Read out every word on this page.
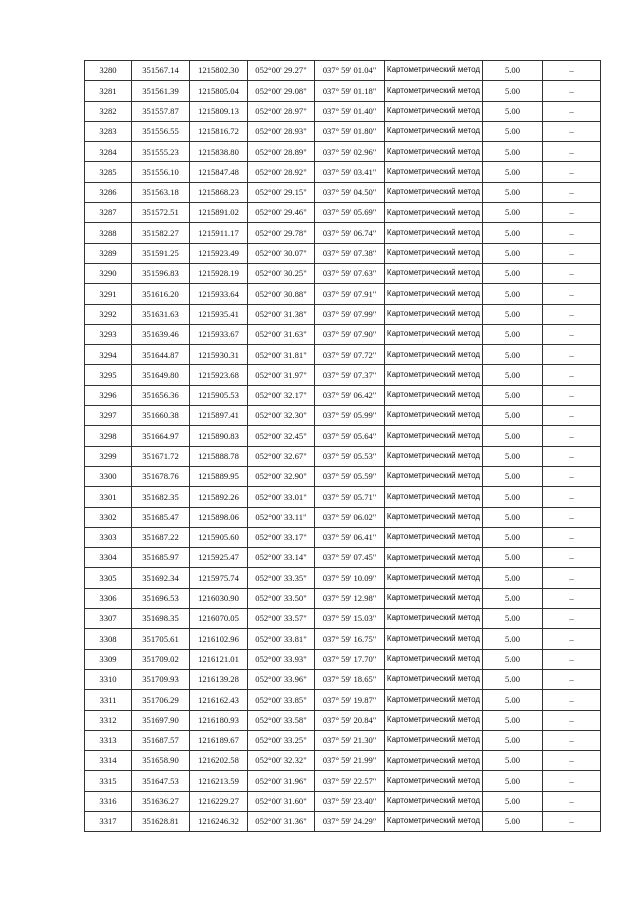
3280	351567.14	1215802.30	052°00' 29.27"	037° 59' 01.04"	Картометрический метод	5.00	–
3281	351561.39	1215805.04	052°00' 29.08"	037° 59' 01.18"	Картометрический метод	5.00	–
3282	351557.87	1215809.13	052°00' 28.97"	037° 59' 01.40"	Картометрический метод	5.00	–
3283	351556.55	1215816.72	052°00' 28.93"	037° 59' 01.80"	Картометрический метод	5.00	–
3284	351555.23	1215838.80	052°00' 28.89"	037° 59' 02.96"	Картометрический метод	5.00	–
3285	351556.10	1215847.48	052°00' 28.92"	037° 59' 03.41"	Картометрический метод	5.00	–
3286	351563.18	1215868.23	052°00' 29.15"	037° 59' 04.50"	Картометрический метод	5.00	–
3287	351572.51	1215891.02	052°00' 29.46"	037° 59' 05.69"	Картометрический метод	5.00	–
3288	351582.27	1215911.17	052°00' 29.78"	037° 59' 06.74"	Картометрический метод	5.00	–
3289	351591.25	1215923.49	052°00' 30.07"	037° 59' 07.38"	Картометрический метод	5.00	–
3290	351596.83	1215928.19	052°00' 30.25"	037° 59' 07.63"	Картометрический метод	5.00	–
3291	351616.20	1215933.64	052°00' 30.88"	037° 59' 07.91"	Картометрический метод	5.00	–
3292	351631.63	1215935.41	052°00' 31.38"	037° 59' 07.99"	Картометрический метод	5.00	–
3293	351639.46	1215933.67	052°00' 31.63"	037° 59' 07.90"	Картометрический метод	5.00	–
3294	351644.87	1215930.31	052°00' 31.81"	037° 59' 07.72"	Картометрический метод	5.00	–
3295	351649.80	1215923.68	052°00' 31.97"	037° 59' 07.37"	Картометрический метод	5.00	–
3296	351656.36	1215905.53	052°00' 32.17"	037° 59' 06.42"	Картометрический метод	5.00	–
3297	351660.38	1215897.41	052°00' 32.30"	037° 59' 05.99"	Картометрический метод	5.00	–
3298	351664.97	1215890.83	052°00' 32.45"	037° 59' 05.64"	Картометрический метод	5.00	–
3299	351671.72	1215888.78	052°00' 32.67"	037° 59' 05.53"	Картометрический метод	5.00	–
3300	351678.76	1215889.95	052°00' 32.90"	037° 59' 05.59"	Картометрический метод	5.00	–
3301	351682.35	1215892.26	052°00' 33.01"	037° 59' 05.71"	Картометрический метод	5.00	–
3302	351685.47	1215898.06	052°00' 33.11"	037° 59' 06.02"	Картометрический метод	5.00	–
3303	351687.22	1215905.60	052°00' 33.17"	037° 59' 06.41"	Картометрический метод	5.00	–
3304	351685.97	1215925.47	052°00' 33.14"	037° 59' 07.45"	Картометрический метод	5.00	–
3305	351692.34	1215975.74	052°00' 33.35"	037° 59' 10.09"	Картометрический метод	5.00	–
3306	351696.53	1216030.90	052°00' 33.50"	037° 59' 12.98"	Картометрический метод	5.00	–
3307	351698.35	1216070.05	052°00' 33.57"	037° 59' 15.03"	Картометрический метод	5.00	–
3308	351705.61	1216102.96	052°00' 33.81"	037° 59' 16.75"	Картометрический метод	5.00	–
3309	351709.02	1216121.01	052°00' 33.93"	037° 59' 17.70"	Картометрический метод	5.00	–
3310	351709.93	1216139.28	052°00' 33.96"	037° 59' 18.65"	Картометрический метод	5.00	–
3311	351706.29	1216162.43	052°00' 33.85"	037° 59' 19.87"	Картометрический метод	5.00	–
3312	351697.90	1216180.93	052°00' 33.58"	037° 59' 20.84"	Картометрический метод	5.00	–
3313	351687.57	1216189.67	052°00' 33.25"	037° 59' 21.30"	Картометрический метод	5.00	–
3314	351658.90	1216202.58	052°00' 32.32"	037° 59' 21.99"	Картометрический метод	5.00	–
3315	351647.53	1216213.59	052°00' 31.96"	037° 59' 22.57"	Картометрический метод	5.00	–
3316	351636.27	1216229.27	052°00' 31.60"	037° 59' 23.40"	Картометрический метод	5.00	–
3317	351628.81	1216246.32	052°00' 31.36"	037° 59' 24.29"	Картометрический метод	5.00	–
